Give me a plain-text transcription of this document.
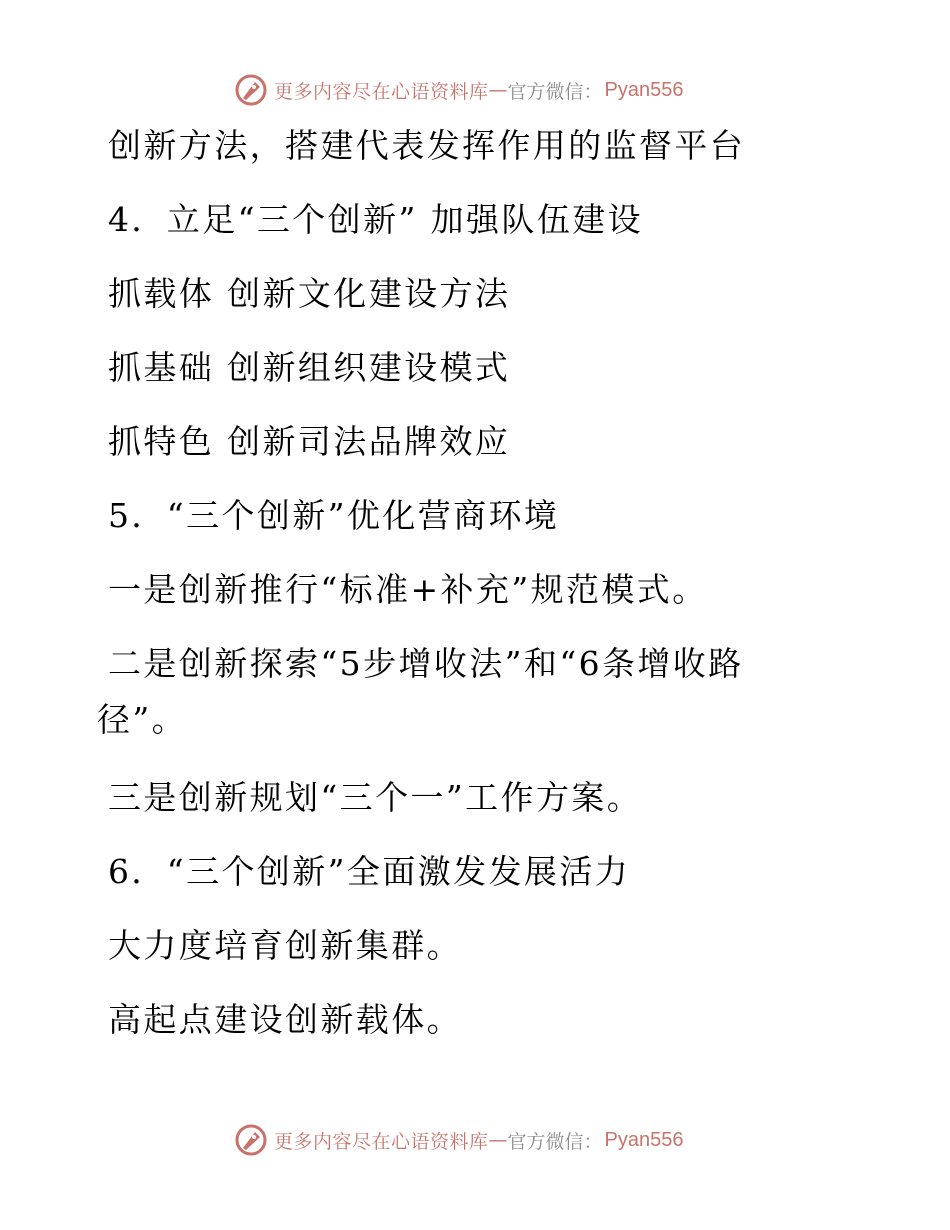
更多内容尽在心语资料库 — 官方微信： Pyan556
创新方法，搭建代表发挥作用的监督平台
4．立足“三个创新” 加强队伍建设
抓载体 创新文化建设方法
抓基础 创新组织建设模式
抓特色 创新司法品牌效应
5．“三个创新”优化营商环境
一是创新推行“标准+补充”规范模式。
二是创新探索“5步增收法”和“6条增收路
径”。
三是创新规划“三个一”工作方案。
6．“三个创新”全面激发发展活力
大力度培育创新集群。
高起点建设创新载体。
更多内容尽在心语资料库 — 官方微信： Pyan556
